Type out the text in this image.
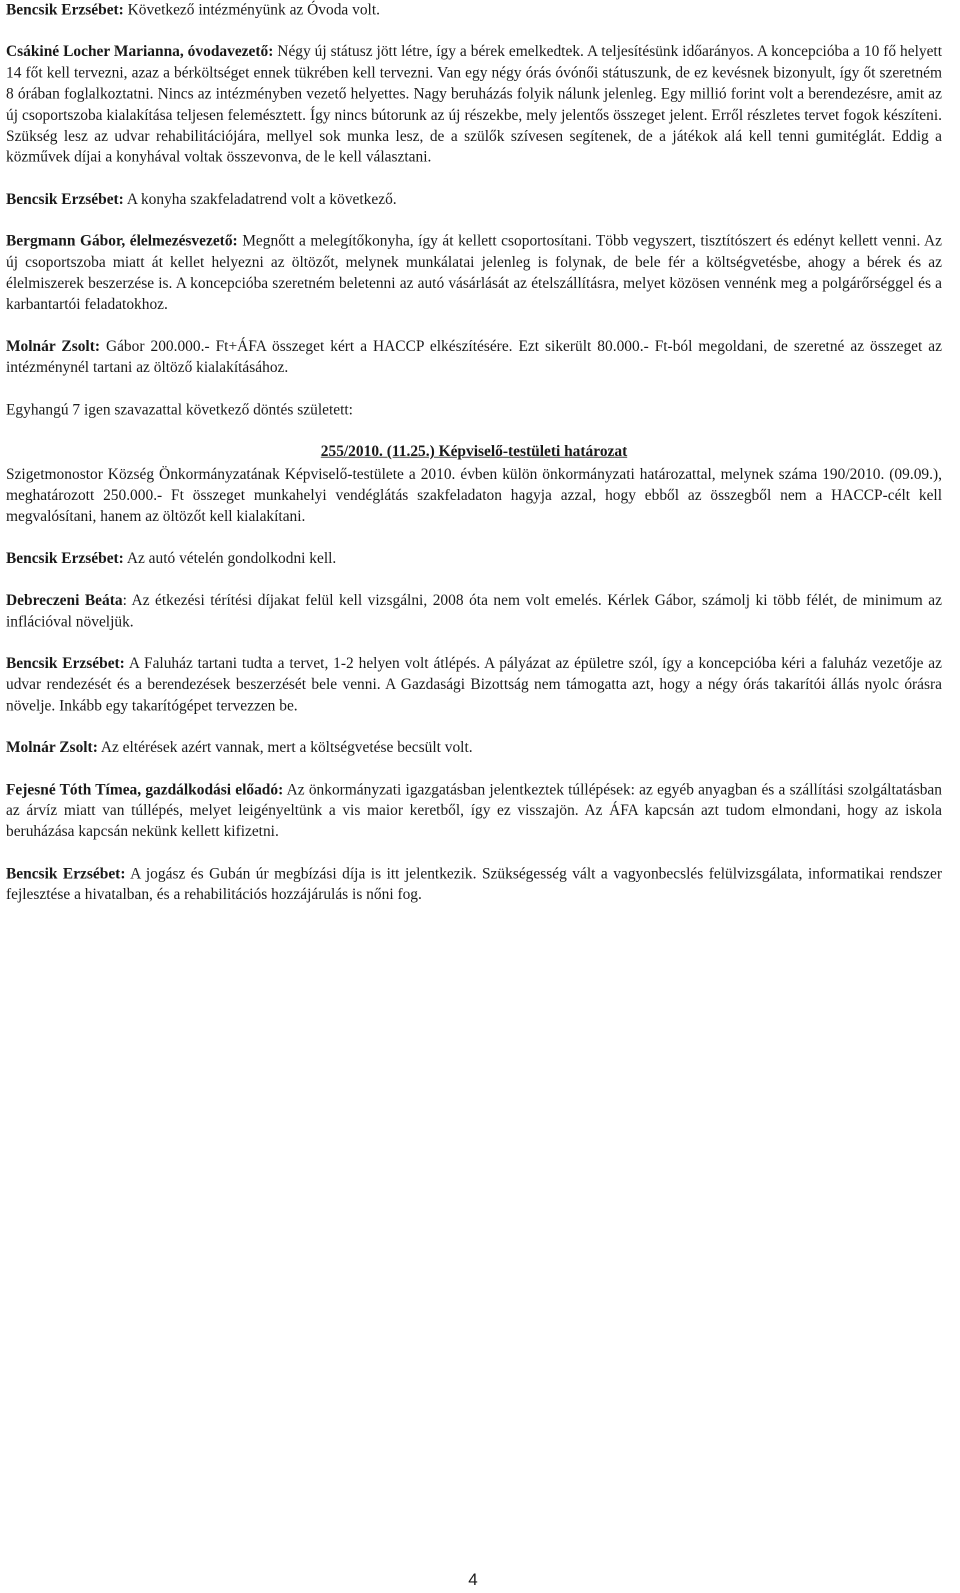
Bencsik Erzsébet: Következő intézményünk az Óvoda volt.

Csákiné Locher Marianna, óvodavezető: Négy új státusz jött létre, így a bérek emelkedtek. A teljesítésünk időarányos. A koncepcióba a 10 fő helyett 14 főt kell tervezni, azaz a bérköltséget ennek tükrében kell tervezni. Van egy négy órás óvónői státuszunk, de ez kevésnek bizonyult, így őt szeretném 8 órában foglalkoztatni. Nincs az intézményben vezető helyettes. Nagy beruházás folyik nálunk jelenleg. Egy millió forint volt a berendezésre, amit az új csoportszoba kialakítása teljesen felemésztett. Így nincs bútorunk az új részekbe, mely jelentős összeget jelent. Erről részletes tervet fogok készíteni. Szükség lesz az udvar rehabilitációjára, mellyel sok munka lesz, de a szülők szívesen segítenek, de a játékok alá kell tenni gumitéglát. Eddig a közművek díjai a konyhával voltak összevonva, de le kell választani.

Bencsik Erzsébet: A konyha szakfeladatrend volt a következő.

Bergmann Gábor, élelmezésvezető: Megnőtt a melegítőkonyha, így át kellett csoportosítani. Több vegyszert, tisztítószert és edényt kellett venni. Az új csoportszoba miatt át kellet helyezni az öltözőt, melynek munkálatai jelenleg is folynak, de bele fér a költségvetésbe, ahogy a bérek és az élelmiszerek beszerzése is. A koncepcióba szeretném beletenni az autó vásárlását az ételszállításra, melyet közösen vennénk meg a polgárőrséggel és a karbantartói feladatokhoz.

Molnár Zsolt: Gábor 200.000.- Ft+ÁFA összeget kért a HACCP elkészítésére. Ezt sikerült 80.000.- Ft-ból megoldani, de szeretné az összeget az intézménynél tartani az öltöző kialakításához.

Egyhangú 7 igen szavazattal következő döntés született:

255/2010. (11.25.) Képviselő-testületi határozat

Szigetmonostor Község Önkormányzatának Képviselő-testülete a 2010. évben külön önkormányzati határozattal, melynek száma 190/2010. (09.09.), meghatározott 250.000.- Ft összeget munkahelyi vendéglátás szakfeladaton hagyja azzal, hogy ebből az összegből nem a HACCP-célt kell megvalósítani, hanem az öltözőt kell kialakítani.

Bencsik Erzsébet: Az autó vételén gondolkodni kell.

Debreczeni Beáta: Az étkezési térítési díjakat felül kell vizsgálni, 2008 óta nem volt emelés. Kérlek Gábor, számolj ki több félét, de minimum az inflációval növeljük.

Bencsik Erzsébet: A Faluház tartani tudta a tervet, 1-2 helyen volt átlépés. A pályázat az épületre szól, így a koncepcióba kéri a faluház vezetője az udvar rendezését és a berendezések beszerzését bele venni. A Gazdasági Bizottság nem támogatta azt, hogy a négy órás takarítói állás nyolc órásra növelje. Inkább egy takarítógépet tervezzen be.

Molnár Zsolt: Az eltérések azért vannak, mert a költségvetése becsült volt.

Fejesné Tóth Tímea, gazdálkodási előadó: Az önkormányzati igazgatásban jelentkeztek túllépések: az egyéb anyagban és a szállítási szolgáltatásban az árvíz miatt van túllépés, melyet leigényeltünk a vis maior keretből, így ez visszajön. Az ÁFA kapcsán azt tudom elmondani, hogy az iskola beruházása kapcsán nekünk kellett kifizetni.

Bencsik Erzsébet: A jogász és Gubán úr megbízási díja is itt jelentkezik. Szükségesség vált a vagyonbecslés felülvizsgálata, informatikai rendszer fejlesztése a hivatalban, és a rehabilitációs hozzájárulás is nőni fog.

4
